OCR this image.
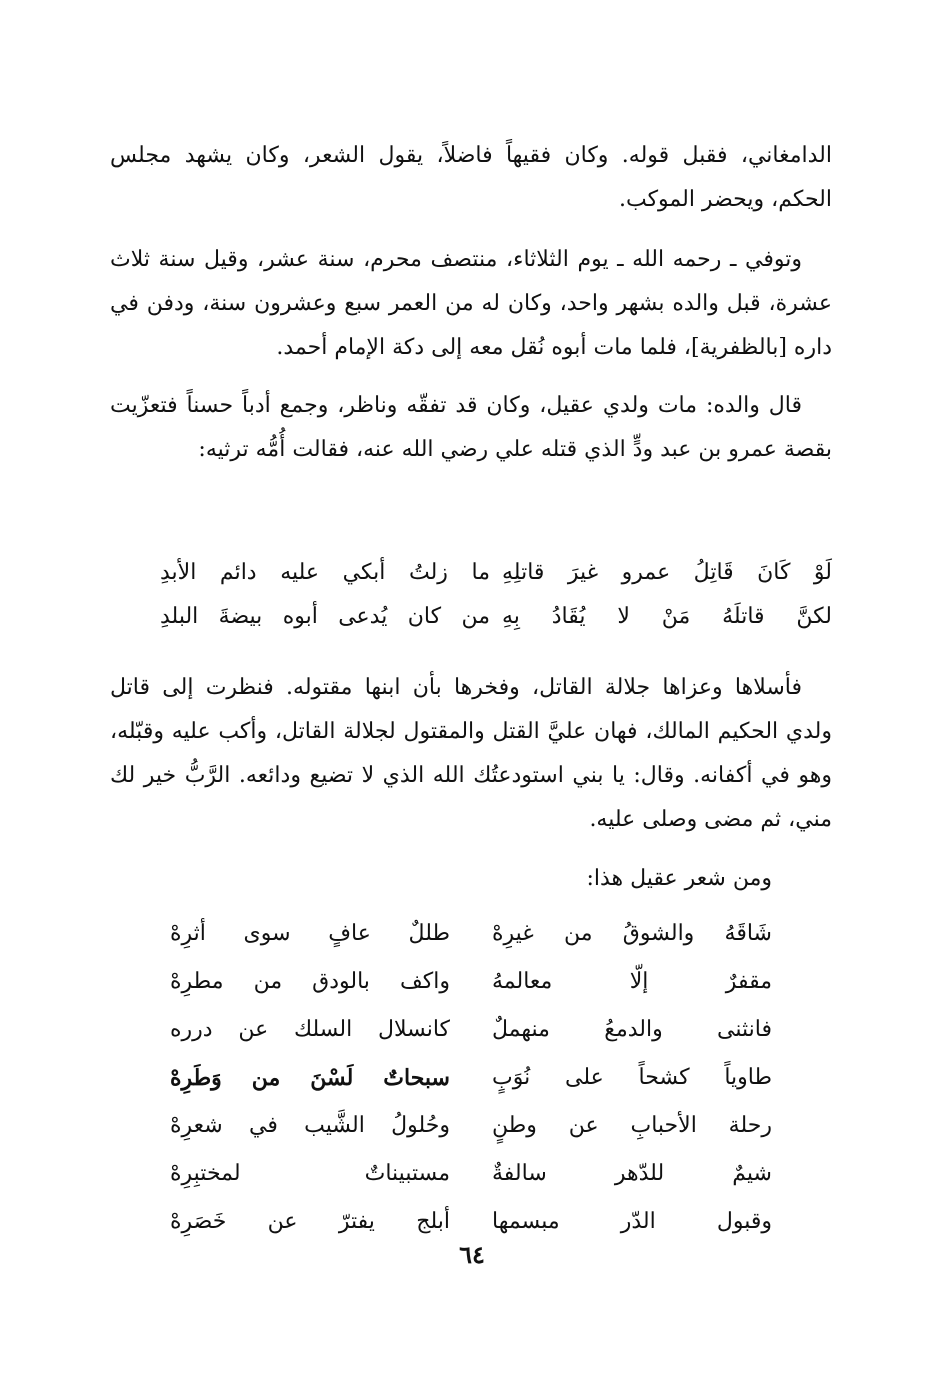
الدامغاني، فقبل قوله. وكان فقيهاً فاضلاً، يقول الشعر، وكان يشهد مجلس الحكم، ويحضر الموكب.

وتوفي ـ رحمه الله ـ يوم الثلاثاء، منتصف محرم، سنة عشر، وقيل سنة ثلاث عشرة، قبل والده بشهر واحد، وكان له من العمر سبع وعشرون سنة، ودفن في داره [بالظفرية]، فلما مات أبوه نُقل معه إلى دكة الإمام أحمد.

قال والده: مات ولدي عقيل، وكان قد تفقّه وناظر، وجمع أدباً حسناً فتعزّيت بقصة عمرو بن عبد ودٍّ الذي قتله علي رضي الله عنه، فقالت أُمُّه ترثيه:

لَوْ كَانَ قَاتِلُ عمرو غيرَ قاتلِهِ
ما زلتُ أبكي عليه دائم الأبدِ
لكنَّ قاتلَهُ مَنْ لا يُقَادُ بِهِ
من كان يُدعى أبوه بيضةَ البلدِ

فأسلاها وعزاها جلالة القاتل، وفخرها بأن ابنها مقتوله. فنظرت إلى قاتل ولدي الحكيم المالك، فهان عليَّ القتل والمقتول لجلالة القاتل، وأكب عليه وقبّله، وهو في أكفانه. وقال: يا بني استودعتُك الله الذي لا تضيع ودائعه. الرَّبُّ خير لك مني، ثم مضى وصلى عليه.

ومن شعر عقيل هذا:
شَاقَهُ والشوقُ من غيرِهْ
طللٌ عافٍ سوى أثرِهْ
مقفرٌ إلّا معالمهُ
واكف بالودق من مطرِهْ
فانثنى والدمعُ منهملٌ
كانسلال السلك عن درره
طاوياً كشحاً على نُوَبٍ
سبحاتٌ لَسْنَ من وَطَرِهْ
رحلة الأحبابِ عن وطنٍ
وحُلولُ الشَّيب في شعرِهْ
شيمٌ للدّهر سالفةٌ
مستبيناتٌ لمختبِرِهْ
وقبول الدّر مبسمها
أبلج يفترّ عن خَصَرِهْ
٦٤
